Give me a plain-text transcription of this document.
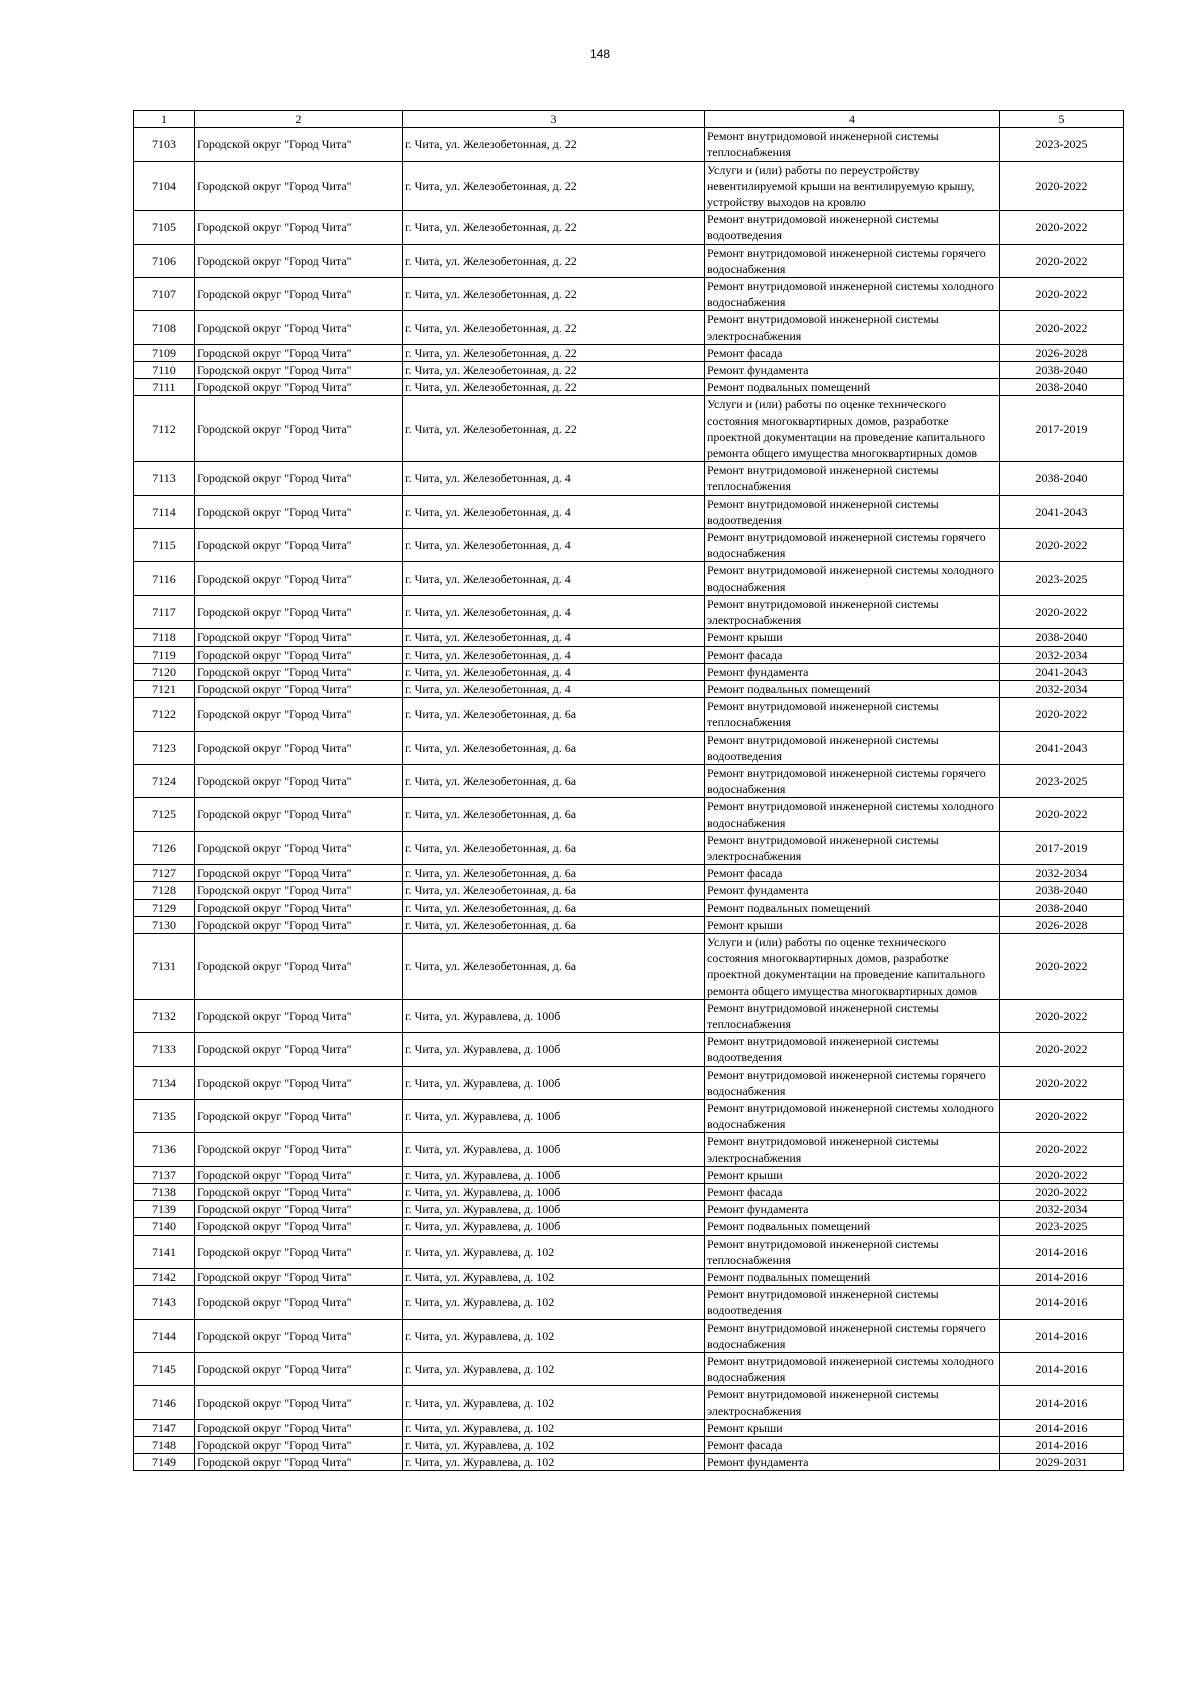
148
1	2	3	4	5
7103	Городской округ "Город Чита"	г. Чита, ул. Железобетонная, д. 22	Ремонт внутридомовой инженерной системы теплоснабжения	2023-2025
7104	Городской округ "Город Чита"	г. Чита, ул. Железобетонная, д. 22	Услуги и (или) работы по переустройству невентилируемой крыши на вентилируемую крышу, устройству выходов на кровлю	2020-2022
7105	Городской округ "Город Чита"	г. Чита, ул. Железобетонная, д. 22	Ремонт внутридомовой инженерной системы водоотведения	2020-2022
7106	Городской округ "Город Чита"	г. Чита, ул. Железобетонная, д. 22	Ремонт внутридомовой инженерной системы горячего водоснабжения	2020-2022
7107	Городской округ "Город Чита"	г. Чита, ул. Железобетонная, д. 22	Ремонт внутридомовой инженерной системы холодного водоснабжения	2020-2022
7108	Городской округ "Город Чита"	г. Чита, ул. Железобетонная, д. 22	Ремонт внутридомовой инженерной системы электроснабжения	2020-2022
7109	Городской округ "Город Чита"	г. Чита, ул. Железобетонная, д. 22	Ремонт фасада	2026-2028
7110	Городской округ "Город Чита"	г. Чита, ул. Железобетонная, д. 22	Ремонт фундамента	2038-2040
7111	Городской округ "Город Чита"	г. Чита, ул. Железобетонная, д. 22	Ремонт подвальных помещений	2038-2040
7112	Городской округ "Город Чита"	г. Чита, ул. Железобетонная, д. 22	Услуги и (или) работы по оценке технического состояния многоквартирных домов, разработке проектной документации на проведение капитального ремонта общего имущества многоквартирных домов	2017-2019
7113	Городской округ "Город Чита"	г. Чита, ул. Железобетонная, д. 4	Ремонт внутридомовой инженерной системы теплоснабжения	2038-2040
7114	Городской округ "Город Чита"	г. Чита, ул. Железобетонная, д. 4	Ремонт внутридомовой инженерной системы водоотведения	2041-2043
7115	Городской округ "Город Чита"	г. Чита, ул. Железобетонная, д. 4	Ремонт внутридомовой инженерной системы горячего водоснабжения	2020-2022
7116	Городской округ "Город Чита"	г. Чита, ул. Железобетонная, д. 4	Ремонт внутридомовой инженерной системы холодного водоснабжения	2023-2025
7117	Городской округ "Город Чита"	г. Чита, ул. Железобетонная, д. 4	Ремонт внутридомовой инженерной системы электроснабжения	2020-2022
7118	Городской округ "Город Чита"	г. Чита, ул. Железобетонная, д. 4	Ремонт крыши	2038-2040
7119	Городской округ "Город Чита"	г. Чита, ул. Железобетонная, д. 4	Ремонт фасада	2032-2034
7120	Городской округ "Город Чита"	г. Чита, ул. Железобетонная, д. 4	Ремонт фундамента	2041-2043
7121	Городской округ "Город Чита"	г. Чита, ул. Железобетонная, д. 4	Ремонт подвальных помещений	2032-2034
7122	Городской округ "Город Чита"	г. Чита, ул. Железобетонная, д. 6а	Ремонт внутридомовой инженерной системы теплоснабжения	2020-2022
7123	Городской округ "Город Чита"	г. Чита, ул. Железобетонная, д. 6а	Ремонт внутридомовой инженерной системы водоотведения	2041-2043
7124	Городской округ "Город Чита"	г. Чита, ул. Железобетонная, д. 6а	Ремонт внутридомовой инженерной системы горячего водоснабжения	2023-2025
7125	Городской округ "Город Чита"	г. Чита, ул. Железобетонная, д. 6а	Ремонт внутридомовой инженерной системы холодного водоснабжения	2020-2022
7126	Городской округ "Город Чита"	г. Чита, ул. Железобетонная, д. 6а	Ремонт внутридомовой инженерной системы электроснабжения	2017-2019
7127	Городской округ "Город Чита"	г. Чита, ул. Железобетонная, д. 6а	Ремонт фасада	2032-2034
7128	Городской округ "Город Чита"	г. Чита, ул. Железобетонная, д. 6а	Ремонт фундамента	2038-2040
7129	Городской округ "Город Чита"	г. Чита, ул. Железобетонная, д. 6а	Ремонт подвальных помещений	2038-2040
7130	Городской округ "Город Чита"	г. Чита, ул. Железобетонная, д. 6а	Ремонт крыши	2026-2028
7131	Городской округ "Город Чита"	г. Чита, ул. Железобетонная, д. 6а	Услуги и (или) работы по оценке технического состояния многоквартирных домов, разработке проектной документации на проведение капитального ремонта общего имущества многоквартирных домов	2020-2022
7132	Городской округ "Город Чита"	г. Чита, ул. Журавлева, д. 100б	Ремонт внутридомовой инженерной системы теплоснабжения	2020-2022
7133	Городской округ "Город Чита"	г. Чита, ул. Журавлева, д. 100б	Ремонт внутридомовой инженерной системы водоотведения	2020-2022
7134	Городской округ "Город Чита"	г. Чита, ул. Журавлева, д. 100б	Ремонт внутридомовой инженерной системы горячего водоснабжения	2020-2022
7135	Городской округ "Город Чита"	г. Чита, ул. Журавлева, д. 100б	Ремонт внутридомовой инженерной системы холодного водоснабжения	2020-2022
7136	Городской округ "Город Чита"	г. Чита, ул. Журавлева, д. 100б	Ремонт внутридомовой инженерной системы электроснабжения	2020-2022
7137	Городской округ "Город Чита"	г. Чита, ул. Журавлева, д. 100б	Ремонт крыши	2020-2022
7138	Городской округ "Город Чита"	г. Чита, ул. Журавлева, д. 100б	Ремонт фасада	2020-2022
7139	Городской округ "Город Чита"	г. Чита, ул. Журавлева, д. 100б	Ремонт фундамента	2032-2034
7140	Городской округ "Город Чита"	г. Чита, ул. Журавлева, д. 100б	Ремонт подвальных помещений	2023-2025
7141	Городской округ "Город Чита"	г. Чита, ул. Журавлева, д. 102	Ремонт внутридомовой инженерной системы теплоснабжения	2014-2016
7142	Городской округ "Город Чита"	г. Чита, ул. Журавлева, д. 102	Ремонт подвальных помещений	2014-2016
7143	Городской округ "Город Чита"	г. Чита, ул. Журавлева, д. 102	Ремонт внутридомовой инженерной системы водоотведения	2014-2016
7144	Городской округ "Город Чита"	г. Чита, ул. Журавлева, д. 102	Ремонт внутридомовой инженерной системы горячего водоснабжения	2014-2016
7145	Городской округ "Город Чита"	г. Чита, ул. Журавлева, д. 102	Ремонт внутридомовой инженерной системы холодного водоснабжения	2014-2016
7146	Городской округ "Город Чита"	г. Чита, ул. Журавлева, д. 102	Ремонт внутридомовой инженерной системы электроснабжения	2014-2016
7147	Городской округ "Город Чита"	г. Чита, ул. Журавлева, д. 102	Ремонт крыши	2014-2016
7148	Городской округ "Город Чита"	г. Чита, ул. Журавлева, д. 102	Ремонт фасада	2014-2016
7149	Городской округ "Город Чита"	г. Чита, ул. Журавлева, д. 102	Ремонт фундамента	2029-2031
